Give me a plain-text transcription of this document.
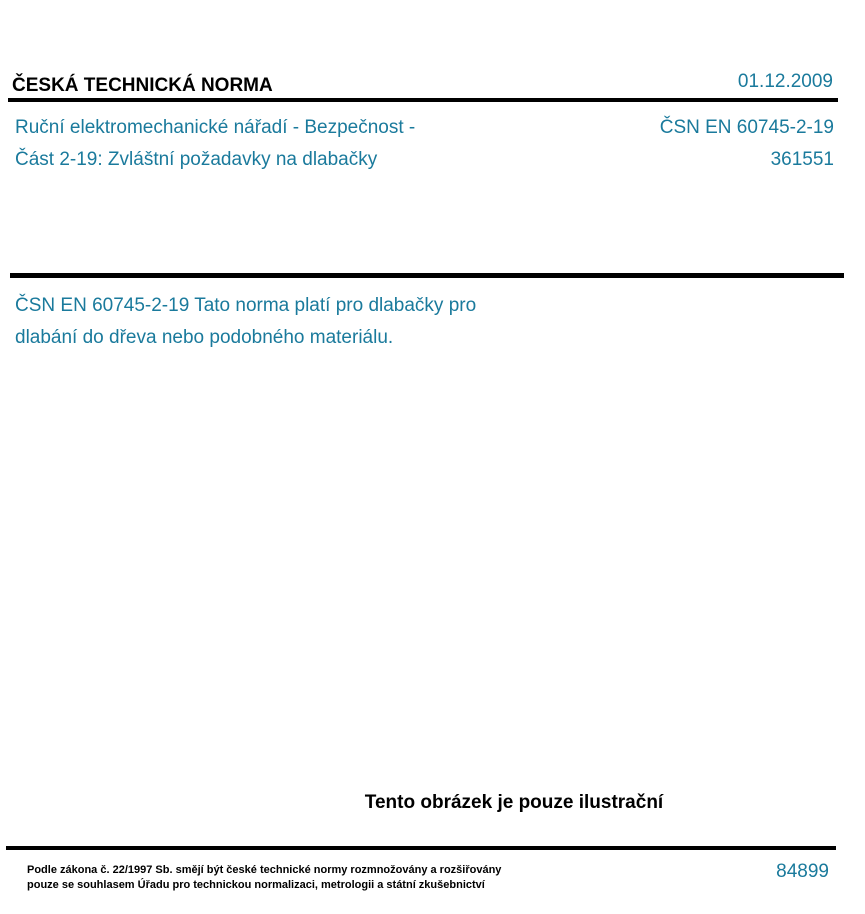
ČESKÁ TECHNICKÁ NORMA	01.12.2009
Ruční elektromechanické nářadí - Bezpečnost -
Část 2-19: Zvláštní požadavky na dlabačky
ČSN EN 60745-2-19
361551
ČSN EN 60745-2-19 Tato norma platí pro dlabačky pro
dlabání do dřeva nebo podobného materiálu.
Tento obrázek je pouze ilustrační
Podle zákona č. 22/1997 Sb. smějí být české technické normy rozmnožovány a rozšiřovány
pouze se souhlasem Úřadu pro technickou normalizaci, metrologii a státní zkušebnictví
84899
